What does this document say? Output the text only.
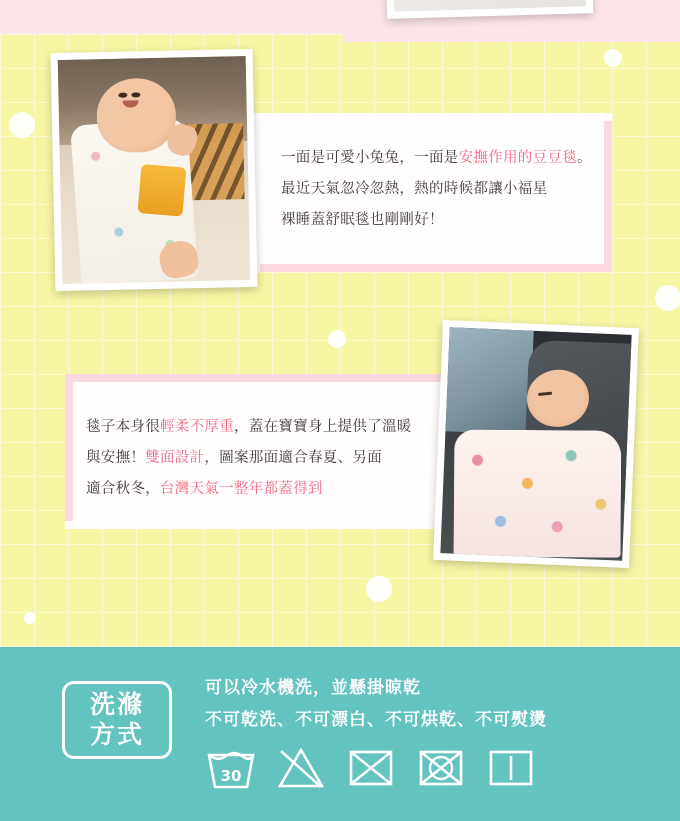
一面是可愛小兔兔，一面是安撫作用的豆豆毯。
最近天氣忽冷忽熱，熱的時候都讓小福星
裸睡蓋舒眠毯也剛剛好！
毯子本身很輕柔不厚重，蓋在寶寶身上提供了溫暖
與安撫！雙面設計，圖案那面適合春夏、另面
適合秋冬，台灣天氣一整年都蓋得到
洗滌
方式
可以冷水機洗，並懸掛晾乾
不可乾洗、不可漂白、不可烘乾、不可熨燙
30
